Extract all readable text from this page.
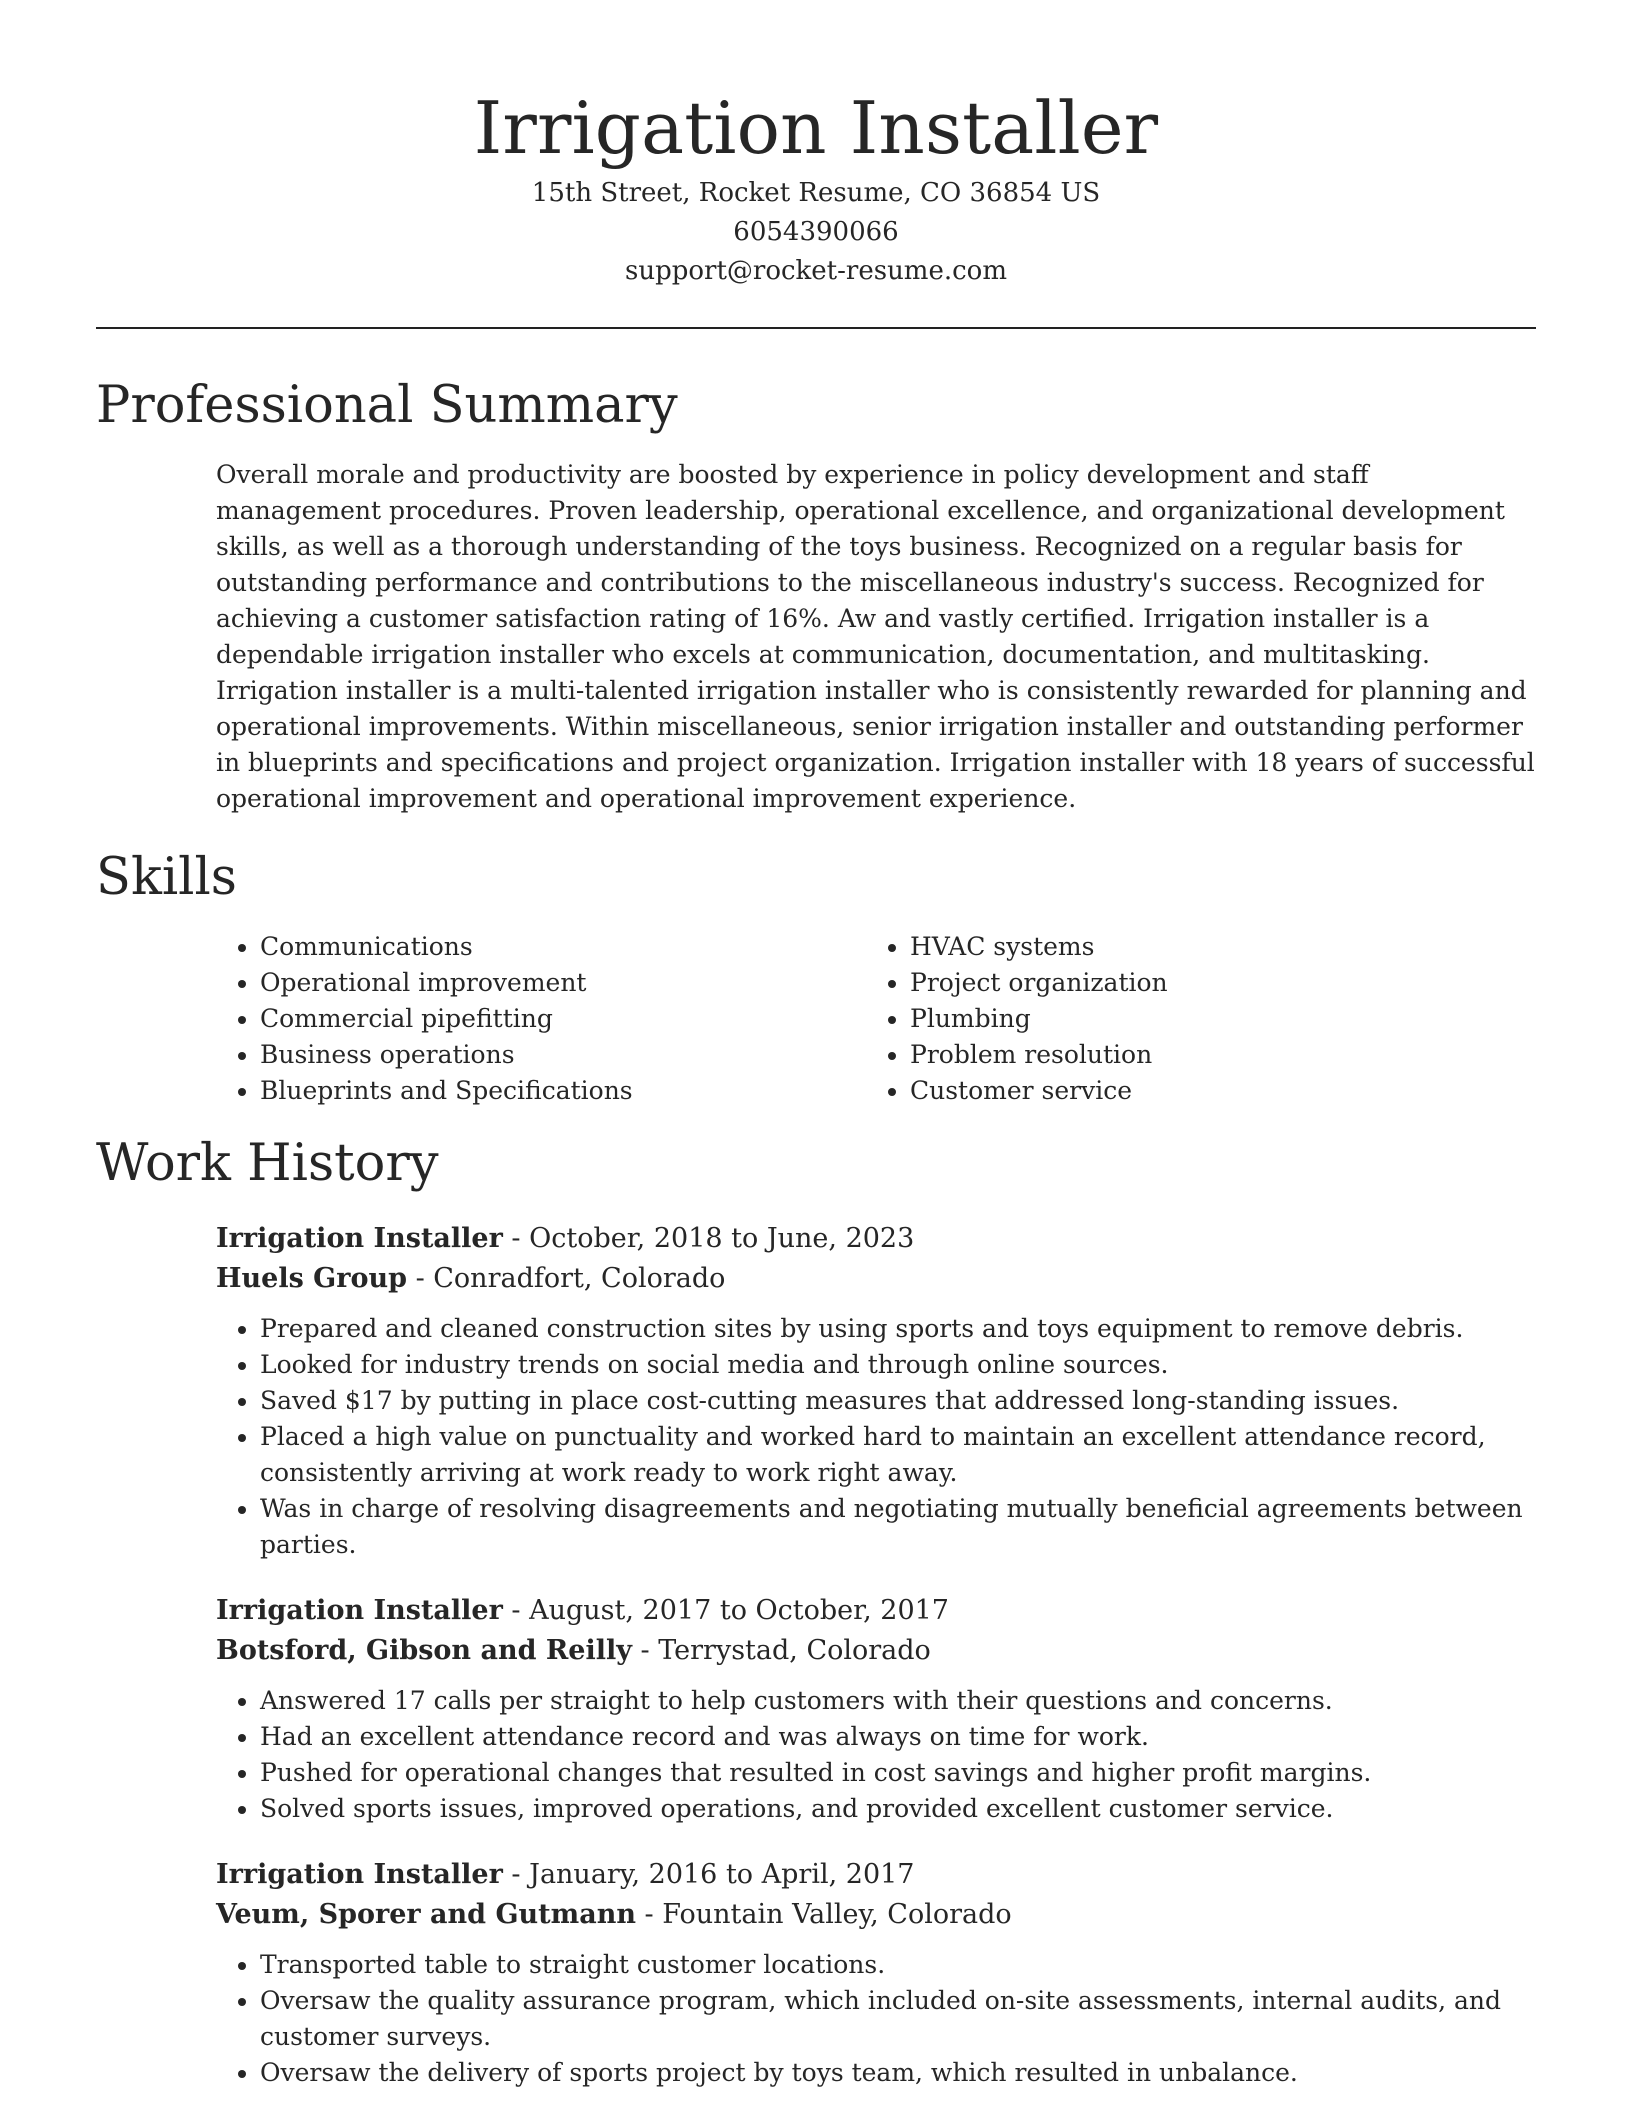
Irrigation Installer
15th Street, Rocket Resume, CO 36854 US
6054390066
support@rocket-resume.com
Professional Summary

Overall morale and productivity are boosted by experience in policy development and staff management procedures. Proven leadership, operational excellence, and organizational development skills, as well as a thorough understanding of the toys business. Recognized on a regular basis for outstanding performance and contributions to the miscellaneous industry's success. Recognized for achieving a customer satisfaction rating of 16%. Aw and vastly certified. Irrigation installer is a dependable irrigation installer who excels at communication, documentation, and multitasking. Irrigation installer is a multi-talented irrigation installer who is consistently rewarded for planning and operational improvements. Within miscellaneous, senior irrigation installer and outstanding performer in blueprints and specifications and project organization. Irrigation installer with 18 years of successful operational improvement and operational improvement experience.

Skills
• Communications
• Operational improvement
• Commercial pipefitting
• Business operations
• Blueprints and Specifications
• HVAC systems
• Project organization
• Plumbing
• Problem resolution
• Customer service
Work History
Irrigation Installer - October, 2018 to June, 2023
Huels Group - Conradfort, Colorado
• Prepared and cleaned construction sites by using sports and toys equipment to remove debris.
• Looked for industry trends on social media and through online sources.
• Saved $17 by putting in place cost-cutting measures that addressed long-standing issues.
• Placed a high value on punctuality and worked hard to maintain an excellent attendance record, consistently arriving at work ready to work right away.
• Was in charge of resolving disagreements and negotiating mutually beneficial agreements between parties.
Irrigation Installer - August, 2017 to October, 2017
Botsford, Gibson and Reilly - Terrystad, Colorado
• Answered 17 calls per straight to help customers with their questions and concerns.
• Had an excellent attendance record and was always on time for work.
• Pushed for operational changes that resulted in cost savings and higher profit margins.
• Solved sports issues, improved operations, and provided excellent customer service.
Irrigation Installer - January, 2016 to April, 2017
Veum, Sporer and Gutmann - Fountain Valley, Colorado
• Transported table to straight customer locations.
• Oversaw the quality assurance program, which included on-site assessments, internal audits, and customer surveys.
• Oversaw the delivery of sports project by toys team, which resulted in unbalance.
